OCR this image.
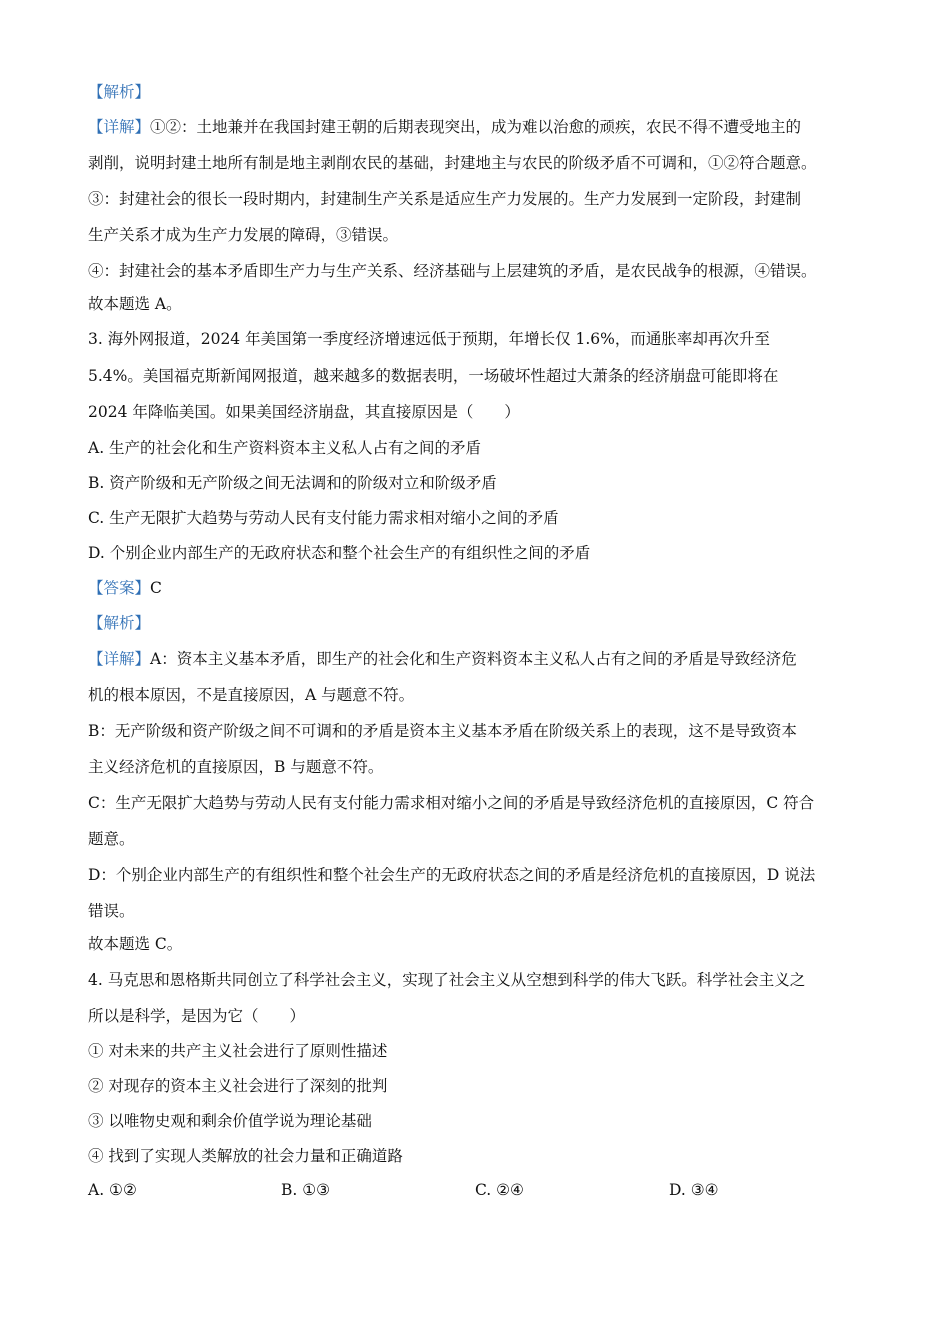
【解析】
【详解】①②：土地兼并在我国封建王朝的后期表现突出，成为难以治愈的顽疾，农民不得不遭受地主的
剥削，说明封建土地所有制是地主剥削农民的基础，封建地主与农民的阶级矛盾不可调和，①②符合题意。
③：封建社会的很长一段时期内，封建制生产关系是适应生产力发展的。生产力发展到一定阶段，封建制
生产关系才成为生产力发展的障碍，③错误。
④：封建社会的基本矛盾即生产力与生产关系、经济基础与上层建筑的矛盾，是农民战争的根源，④错误。
故本题选 A。
3. 海外网报道，2024 年美国第一季度经济增速远低于预期，年增长仅 1.6%，而通胀率却再次升至
5.4%。美国福克斯新闻网报道，越来越多的数据表明，一场破坏性超过大萧条的经济崩盘可能即将在
2024 年降临美国。如果美国经济崩盘，其直接原因是（　　）
A. 生产的社会化和生产资料资本主义私人占有之间的矛盾
B. 资产阶级和无产阶级之间无法调和的阶级对立和阶级矛盾
C. 生产无限扩大趋势与劳动人民有支付能力需求相对缩小之间的矛盾
D. 个别企业内部生产的无政府状态和整个社会生产的有组织性之间的矛盾
【答案】C
【解析】
【详解】A：资本主义基本矛盾，即生产的社会化和生产资料资本主义私人占有之间的矛盾是导致经济危
机的根本原因，不是直接原因，A 与题意不符。
B：无产阶级和资产阶级之间不可调和的矛盾是资本主义基本矛盾在阶级关系上的表现，这不是导致资本
主义经济危机的直接原因，B 与题意不符。
C：生产无限扩大趋势与劳动人民有支付能力需求相对缩小之间的矛盾是导致经济危机的直接原因，C 符合
题意。
D：个别企业内部生产的有组织性和整个社会生产的无政府状态之间的矛盾是经济危机的直接原因，D 说法
错误。
故本题选 C。
4. 马克思和恩格斯共同创立了科学社会主义，实现了社会主义从空想到科学的伟大飞跃。科学社会主义之
所以是科学，是因为它（　　）
① 对未来的共产主义社会进行了原则性描述
② 对现存的资本主义社会进行了深刻的批判
③ 以唯物史观和剩余价值学说为理论基础
④ 找到了实现人类解放的社会力量和正确道路
A. ①②	B. ①③	C. ②④	D. ③④
